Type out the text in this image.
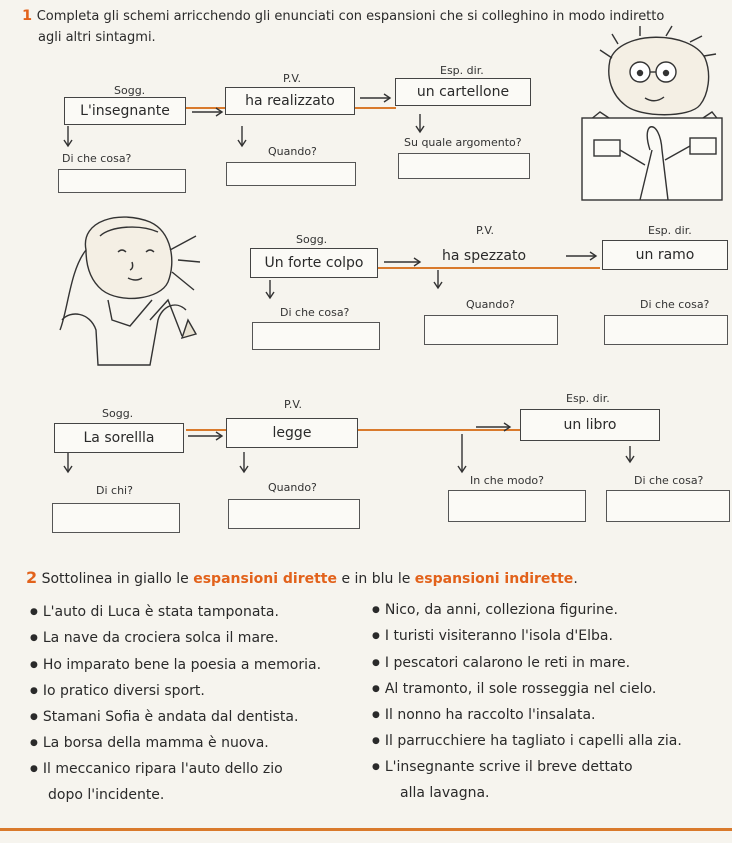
1 Completa gli schemi arricchendo gli enunciati con espansioni che si colleghino in modo indiretto
agli altri sintagmi.
Sogg.
P.V.
Esp. dir.
L'insegnante
ha realizzato
un cartellone
Di che cosa?
Quando?
Su quale argomento?
Sogg.
P.V.	Esp. dir.
Un forte colpo	ha spezzato	un ramo
Di che cosa?
Quando?	Di che cosa?
Sogg.
P.V.	Esp. dir.
La sorellla	legge	un libro
Di chi?	Quando?
In che modo?	Di che cosa?
2 Sottolinea in giallo le espansioni dirette e in blu le espansioni indirette.
● L'auto di Luca è stata tamponata.
● La nave da crociera solca il mare.
● Ho imparato bene la poesia a memoria.
● Io pratico diversi sport.
● Stamani Sofia è andata dal dentista.
● La borsa della mamma è nuova.
● Il meccanico ripara l'auto dello zio
dopo l'incidente.
● Nico, da anni, colleziona figurine.
● I turisti visiteranno l'isola d'Elba.
● I pescatori calarono le reti in mare.
● Al tramonto, il sole rosseggia nel cielo.
● Il nonno ha raccolto l'insalata.
● Il parrucchiere ha tagliato i capelli alla zia.
● L'insegnante scrive il breve dettato
alla lavagna.
